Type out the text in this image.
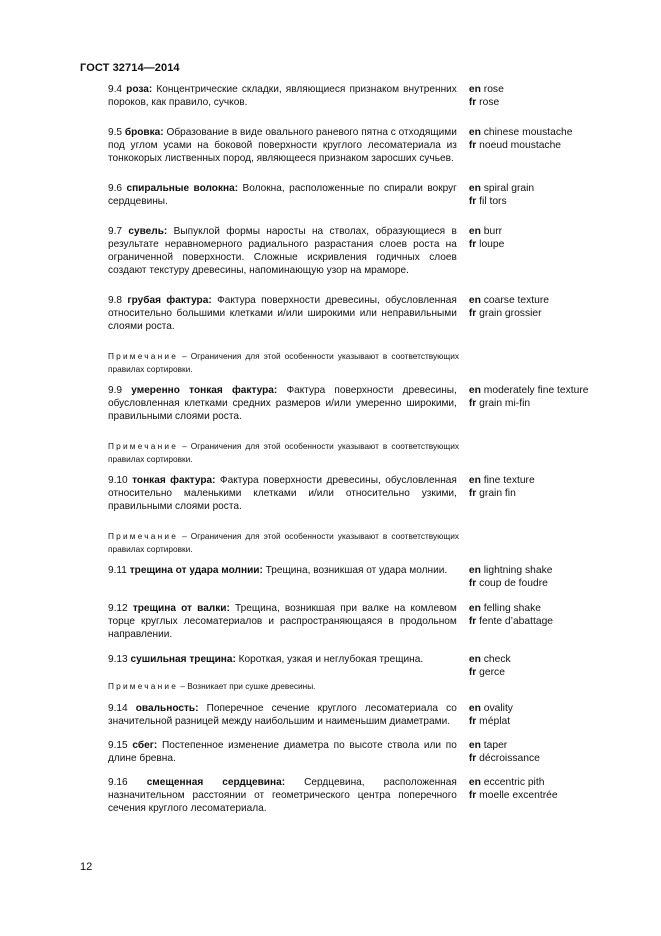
ГОСТ 32714—2014
9.4 роза: Концентрические складки, являющиеся признаком внутренних пороков, как правило, сучков.
en rose
fr rose
9.5 бровка: Образование в виде овального раневого пятна с отходящими под углом усами на боковой поверхности круглого лесоматериала из тонкокорых лиственных пород, являющееся признаком заросших сучьев.
en chinese moustache
fr noeud moustache
9.6 спиральные волокна: Волокна, расположенные по спирали вокруг сердцевины.
en spiral grain
fr fil tors
9.7 сувель: Выпуклой формы наросты на стволах, образующиеся в результате неравномерного радиального разрастания слоев роста на ограниченной поверхности. Сложные искривления годичных слоев создают текстуру древесины, напоминающую узор на мраморе.
en burr
fr loupe
9.8 грубая фактура: Фактура поверхности древесины, обусловленная относительно большими клетками и/или широкими или неправильными слоями роста.
en coarse texture
fr grain grossier
Примечание – Ограничения для этой особенности указывают в соответствующих правилах сортировки.
9.9 умеренно тонкая фактура: Фактура поверхности древесины, обусловленная клетками средних размеров и/или умеренно широкими, правильными слоями роста.
en moderately fine texture
fr grain mi-fin
Примечание – Ограничения для этой особенности указывают в соответствующих правилах сортировки.
9.10 тонкая фактура: Фактура поверхности древесины, обусловленная относительно маленькими клетками и/или относительно узкими, правильными слоями роста.
en fine texture
fr grain fin
Примечание – Ограничения для этой особенности указывают в соответствующих правилах сортировки.
9.11 трещина от удара молнии: Трещина, возникшая от удара молнии.	en lightning shake
fr coup de foudre
9.12 трещина от валки: Трещина, возникшая при валке на комлевом торце круглых лесоматериалов и распространяющаяся в продольном направлении.
en felling shake
fr fente d’abattage
9.13 сушильная трещина: Короткая, узкая и неглубокая трещина.	en check
fr gerce
Примечание – Возникает при сушке древесины.
9.14 овальность: Поперечное сечение круглого лесоматериала со значительной разницей между наибольшим и наименьшим диаметрами.
en ovality
fr méplat
9.15 сбег: Постепенное изменение диаметра по высоте ствола или по длине бревна.
en taper
fr décroissance
9.16 смещенная сердцевина: Сердцевина, расположенная назначительном расстоянии от геометрического центра поперечного сечения круглого лесоматериала.
en eccentric pith
fr moelle excentrée
12
